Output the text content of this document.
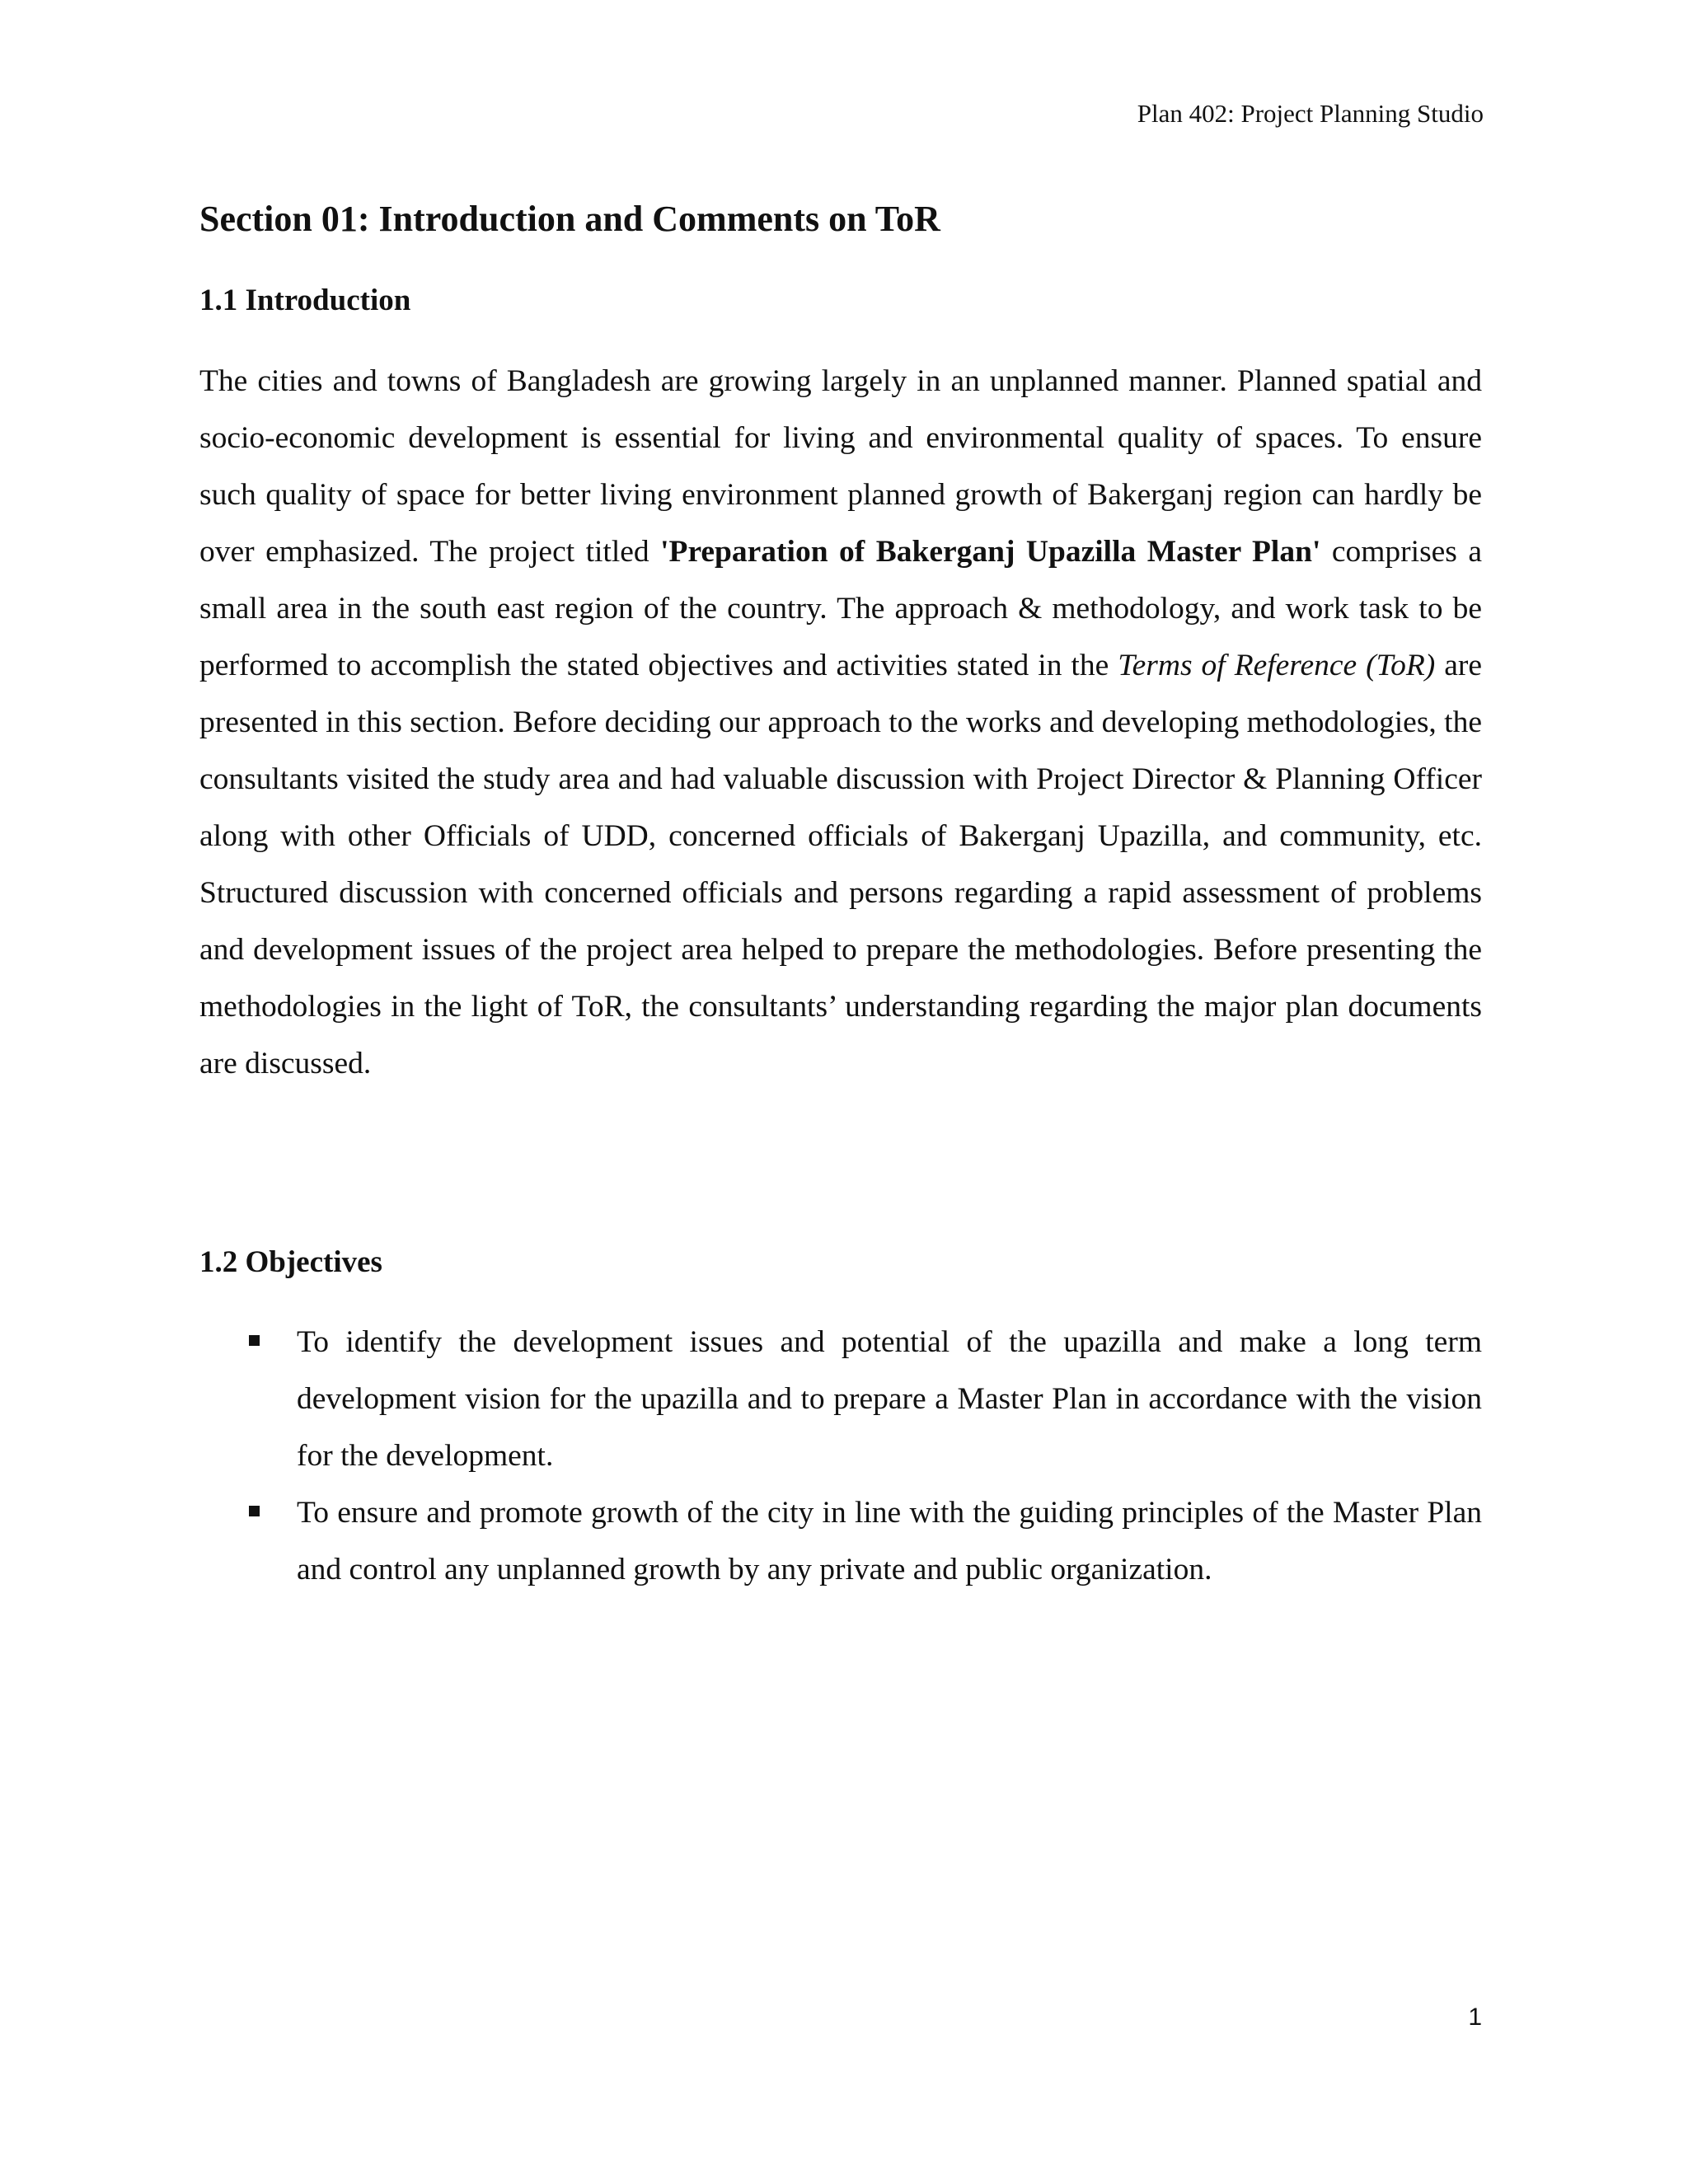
Plan 402: Project Planning Studio
Section 01: Introduction and Comments on ToR
1.1 Introduction

The cities and towns of Bangladesh are growing largely in an unplanned manner. Planned spatial and socio-economic development is essential for living and environmental quality of spaces. To ensure such quality of space for better living environment planned growth of Bakerganj region can hardly be over emphasized. The project titled 'Preparation of Bakerganj Upazilla Master Plan' comprises a small area in the south east region of the country. The approach & methodology, and work task to be performed to accomplish the stated objectives and activities stated in the Terms of Reference (ToR) are presented in this section. Before deciding our approach to the works and developing methodologies, the consultants visited the study area and had valuable discussion with Project Director & Planning Officer along with other Officials of UDD, concerned officials of Bakerganj Upazilla, and community, etc. Structured discussion with concerned officials and persons regarding a rapid assessment of problems and development issues of the project area helped to prepare the methodologies. Before presenting the methodologies in the light of ToR, the consultants’ understanding regarding the major plan documents are discussed.

1.2 Objectives
To identify the development issues and potential of the upazilla and make a long term development vision for the upazilla and to prepare a Master Plan in accordance with the vision for the development.
To ensure and promote growth of the city in line with the guiding principles of the Master Plan and control any unplanned growth by any private and public organization.
1
